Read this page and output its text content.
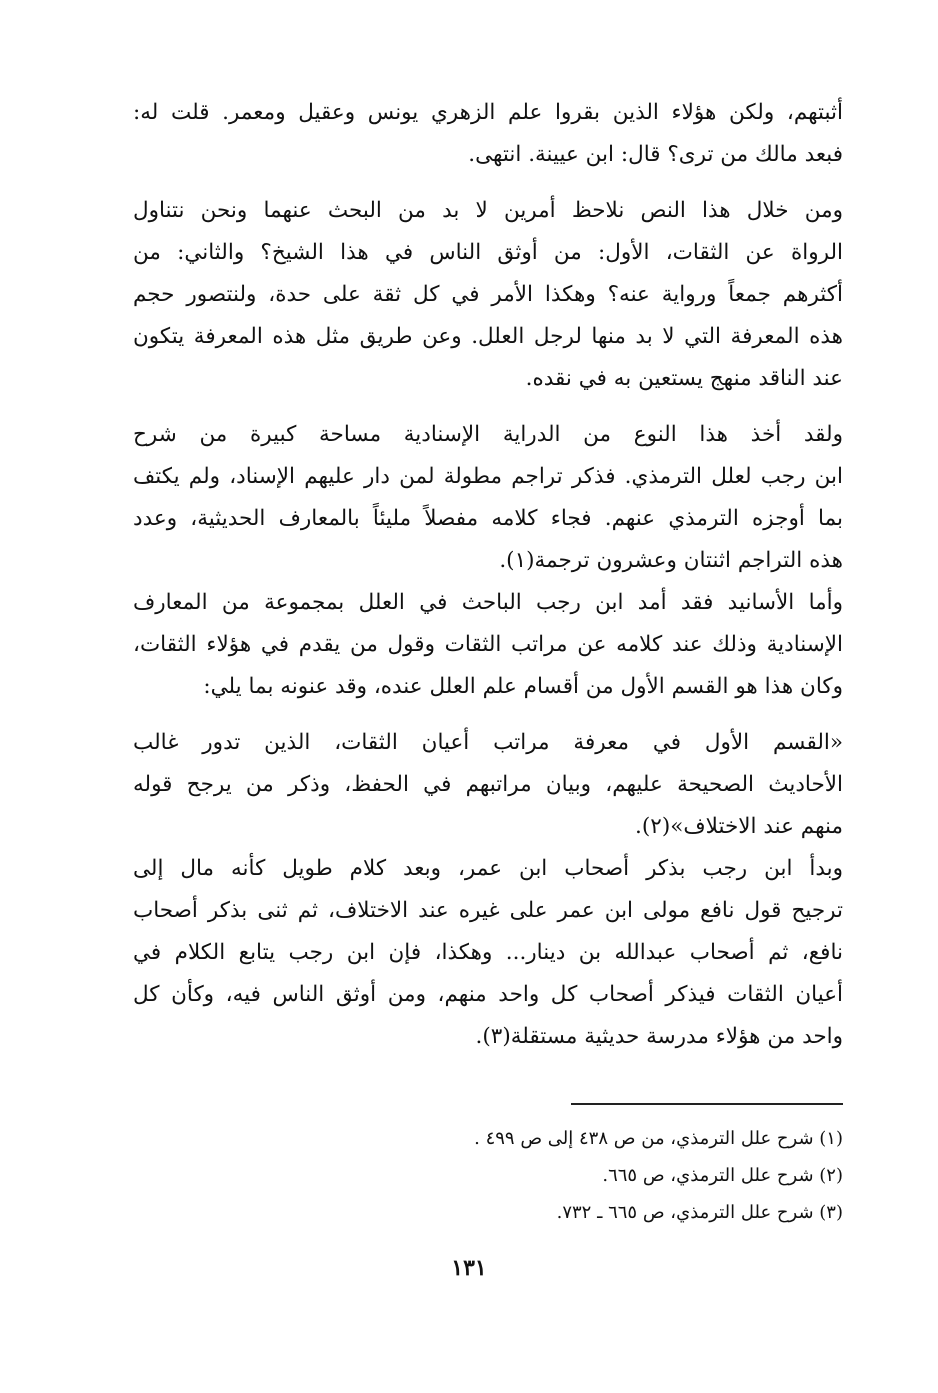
أثبتهم، ولكن هؤلاء الذين بقروا علم الزهري يونس وعقيل ومعمر. قلت له:
فبعد مالك من ترى؟ قال: ابن عيينة. انتهى.
ومن خلال هذا النص نلاحظ أمرين لا بد من البحث عنهما ونحن نتناول
الرواة عن الثقات، الأول: من أوثق الناس في هذا الشيخ؟ والثاني: من
أكثرهم جمعاً ورواية عنه؟ وهكذا الأمر في كل ثقة على حدة، ولنتصور حجم
هذه المعرفة التي لا بد منها لرجل العلل. وعن طريق مثل هذه المعرفة يتكون
عند الناقد منهج يستعين به في نقده.
ولقد أخذ هذا النوع من الدراية الإسنادية مساحة كبيرة من شرح
ابن رجب لعلل الترمذي. فذكر تراجم مطولة لمن دار عليهم الإسناد، ولم يكتف
بما أوجزه الترمذي عنهم. فجاء كلامه مفصلاً مليئاً بالمعارف الحديثية، وعدد
هذه التراجم اثنتان وعشرون ترجمة(١).
وأما الأسانيد فقد أمد ابن رجب الباحث في العلل بمجموعة من المعارف
الإسنادية وذلك عند كلامه عن مراتب الثقات وقول من يقدم في هؤلاء الثقات،
وكان هذا هو القسم الأول من أقسام علم العلل عنده، وقد عنونه بما يلي:
«القسم الأول في معرفة مراتب أعيان الثقات، الذين تدور غالب
الأحاديث الصحيحة عليهم، وبيان مراتبهم في الحفظ، وذكر من يرجح قوله
منهم عند الاختلاف»(٢).
وبدأ ابن رجب بذكر أصحاب ابن عمر، وبعد كلام طويل كأنه مال إلى
ترجيح قول نافع مولى ابن عمر على غيره عند الاختلاف، ثم ثنى بذكر أصحاب
نافع، ثم أصحاب عبدالله بن دينار... وهكذا، فإن ابن رجب يتابع الكلام في
أعيان الثقات فيذكر أصحاب كل واحد منهم، ومن أوثق الناس فيه، وكأن كل
واحد من هؤلاء مدرسة حديثية مستقلة(٣).
(١) شرح علل الترمذي، من ص ٤٣٨ إلى ص ٤٩٩ .
(٢) شرح علل الترمذي، ص ٦٦٥.
(٣) شرح علل الترمذي، ص ٦٦٥ ـ ٧٣٢.
١٣١
